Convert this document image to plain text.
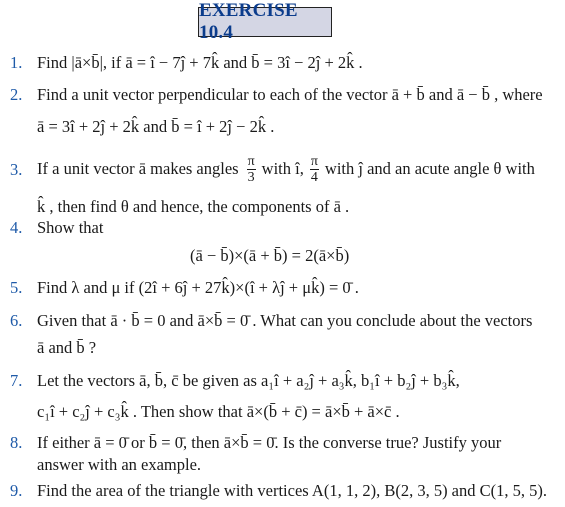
EXERCISE 10.4
1. Find |ā×b̄|, if ā = î − 7ĵ + 7k̂ and b̄ = 3î − 2ĵ + 2k̂ .
2. Find a unit vector perpendicular to each of the vector ā + b̄ and ā − b̄ , where
ā = 3î + 2ĵ + 2k̂ and b̄ = î + 2ĵ − 2k̂ .
3. If a unit vector ā makes angles $\frac{\pi}{3}$ with î, $\frac{\pi}{4}$ with ĵ and an acute angle θ with
k̂ , then find θ and hence, the components of ā .
4. Show that
(ā − b̄)×(ā + b̄) = 2(ā×b̄)
5. Find λ and μ if (2î + 6ĵ + 27k̂)×(î + λĵ + μk̂) = 0̄ .
6. Given that ā · b̄ = 0 and ā×b̄ = 0̄ . What can you conclude about the vectors
ā and b̄ ?
7. Let the vectors ā, b̄, c̄ be given as a₁î + a₂ĵ + a₃k̂, b₁î + b₂ĵ + b₃k̂,
c₁î + c₂ĵ + c₃k̂ . Then show that ā×(b̄ + c̄) = ā×b̄ + ā×c̄ .
8. If either ā = 0̄ or b̄ = 0̄, then ā×b̄ = 0̄. Is the converse true? Justify your
answer with an example.
9. Find the area of the triangle with vertices A(1, 1, 2), B(2, 3, 5) and C(1, 5, 5).
